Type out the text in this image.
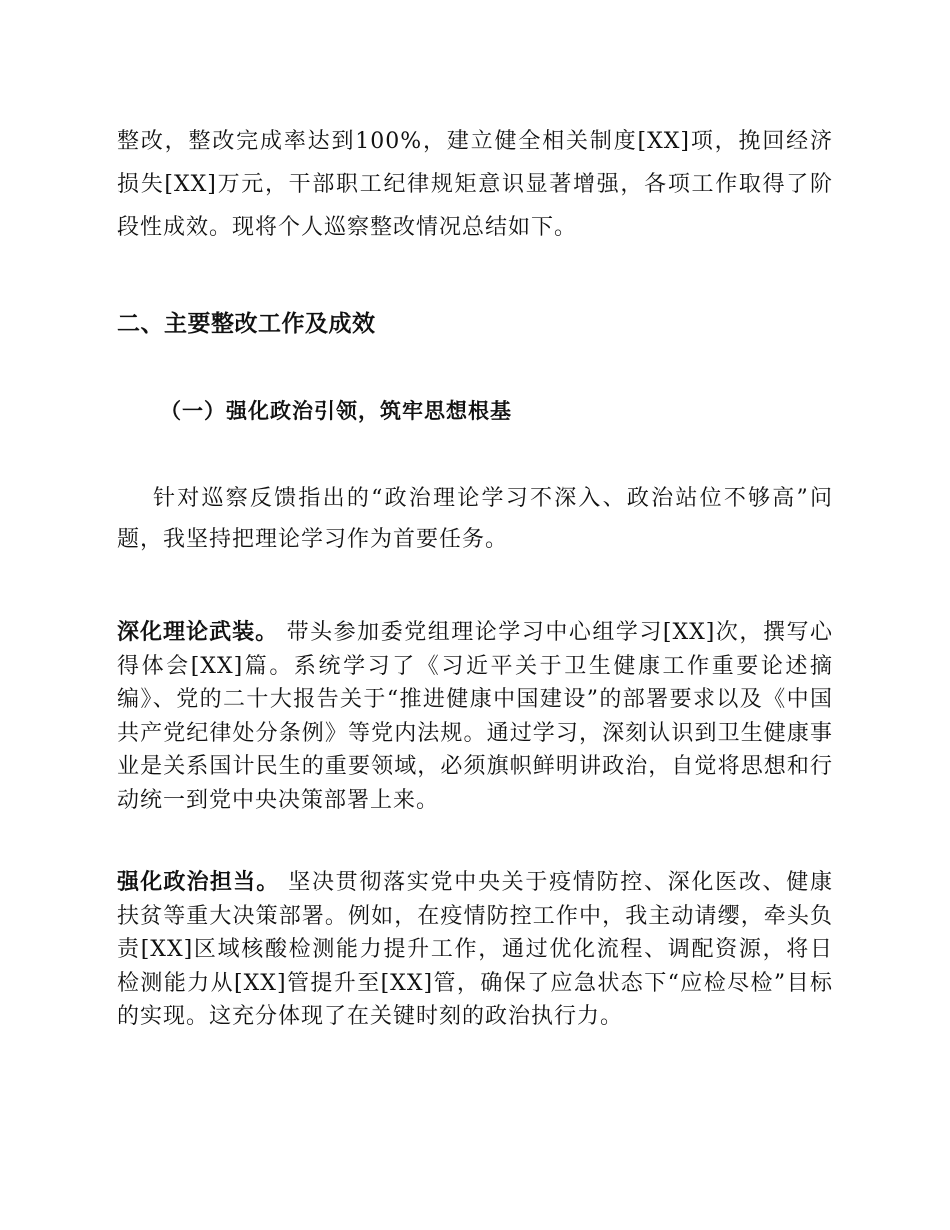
整改，整改完成率达到100%，建立健全相关制度[XX]项，挽回经济损失[XX]万元，干部职工纪律规矩意识显著增强，各项工作取得了阶段性成效。现将个人巡察整改情况总结如下。

二、主要整改工作及成效
（一）强化政治引领，筑牢思想根基

针对巡察反馈指出的“政治理论学习不深入、政治站位不够高”问题，我坚持把理论学习作为首要任务。

深化理论武装。 带头参加委党组理论学习中心组学习[XX]次，撰写心得体会[XX]篇。系统学习了《习近平关于卫生健康工作重要论述摘编》、党的二十大报告关于“推进健康中国建设”的部署要求以及《中国共产党纪律处分条例》等党内法规。通过学习，深刻认识到卫生健康事业是关系国计民生的重要领域，必须旗帜鲜明讲政治，自觉将思想和行动统一到党中央决策部署上来。

强化政治担当。 坚决贯彻落实党中央关于疫情防控、深化医改、健康扶贫等重大决策部署。例如，在疫情防控工作中，我主动请缨，牵头负责[XX]区域核酸检测能力提升工作，通过优化流程、调配资源，将日检测能力从[XX]管提升至[XX]管，确保了应急状态下“应检尽检”目标的实现。这充分体现了在关键时刻的政治执行力。
